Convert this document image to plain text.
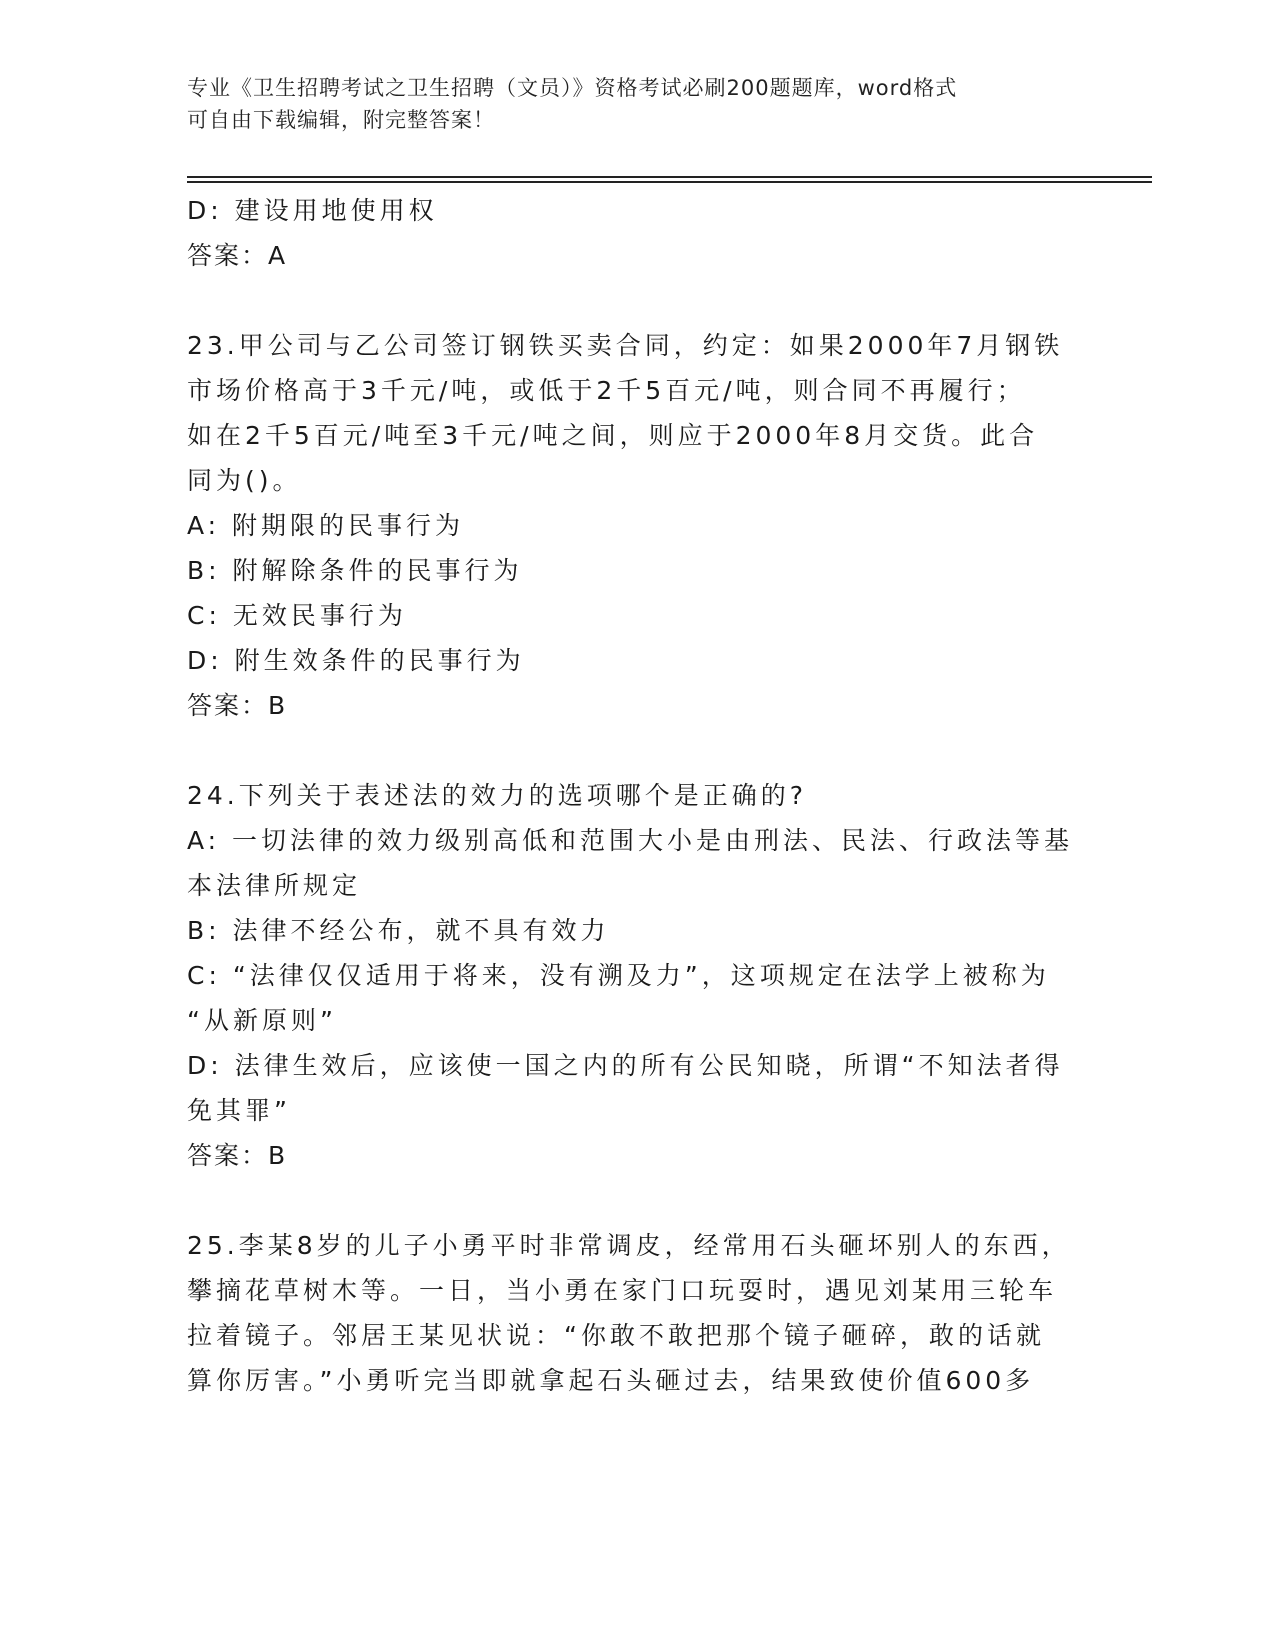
专业《卫生招聘考试之卫生招聘（文员）》资格考试必刷200题题库，word格式
可自由下载编辑，附完整答案！

D: 建设用地使用权

答案：A

23.甲公司与乙公司签订钢铁买卖合同，约定：如果2000年7月钢铁

市场价格高于3千元/吨，或低于2千5百元/吨，则合同不再履行；

如在2千5百元/吨至3千元/吨之间，则应于2000年8月交货。此合

同为()。

A: 附期限的民事行为

B: 附解除条件的民事行为

C: 无效民事行为

D: 附生效条件的民事行为

答案：B

24.下列关于表述法的效力的选项哪个是正确的?

A: 一切法律的效力级别高低和范围大小是由刑法、民法、行政法等基

本法律所规定

B: 法律不经公布，就不具有效力

C: “法律仅仅适用于将来，没有溯及力”，这项规定在法学上被称为

“从新原则”

D: 法律生效后，应该使一国之内的所有公民知晓，所谓“不知法者得

免其罪”

答案：B

25.李某8岁的儿子小勇平时非常调皮，经常用石头砸坏别人的东西，

攀摘花草树木等。一日，当小勇在家门口玩耍时，遇见刘某用三轮车

拉着镜子。邻居王某见状说：“你敢不敢把那个镜子砸碎，敢的话就

算你厉害。”小勇听完当即就拿起石头砸过去，结果致使价值600多
